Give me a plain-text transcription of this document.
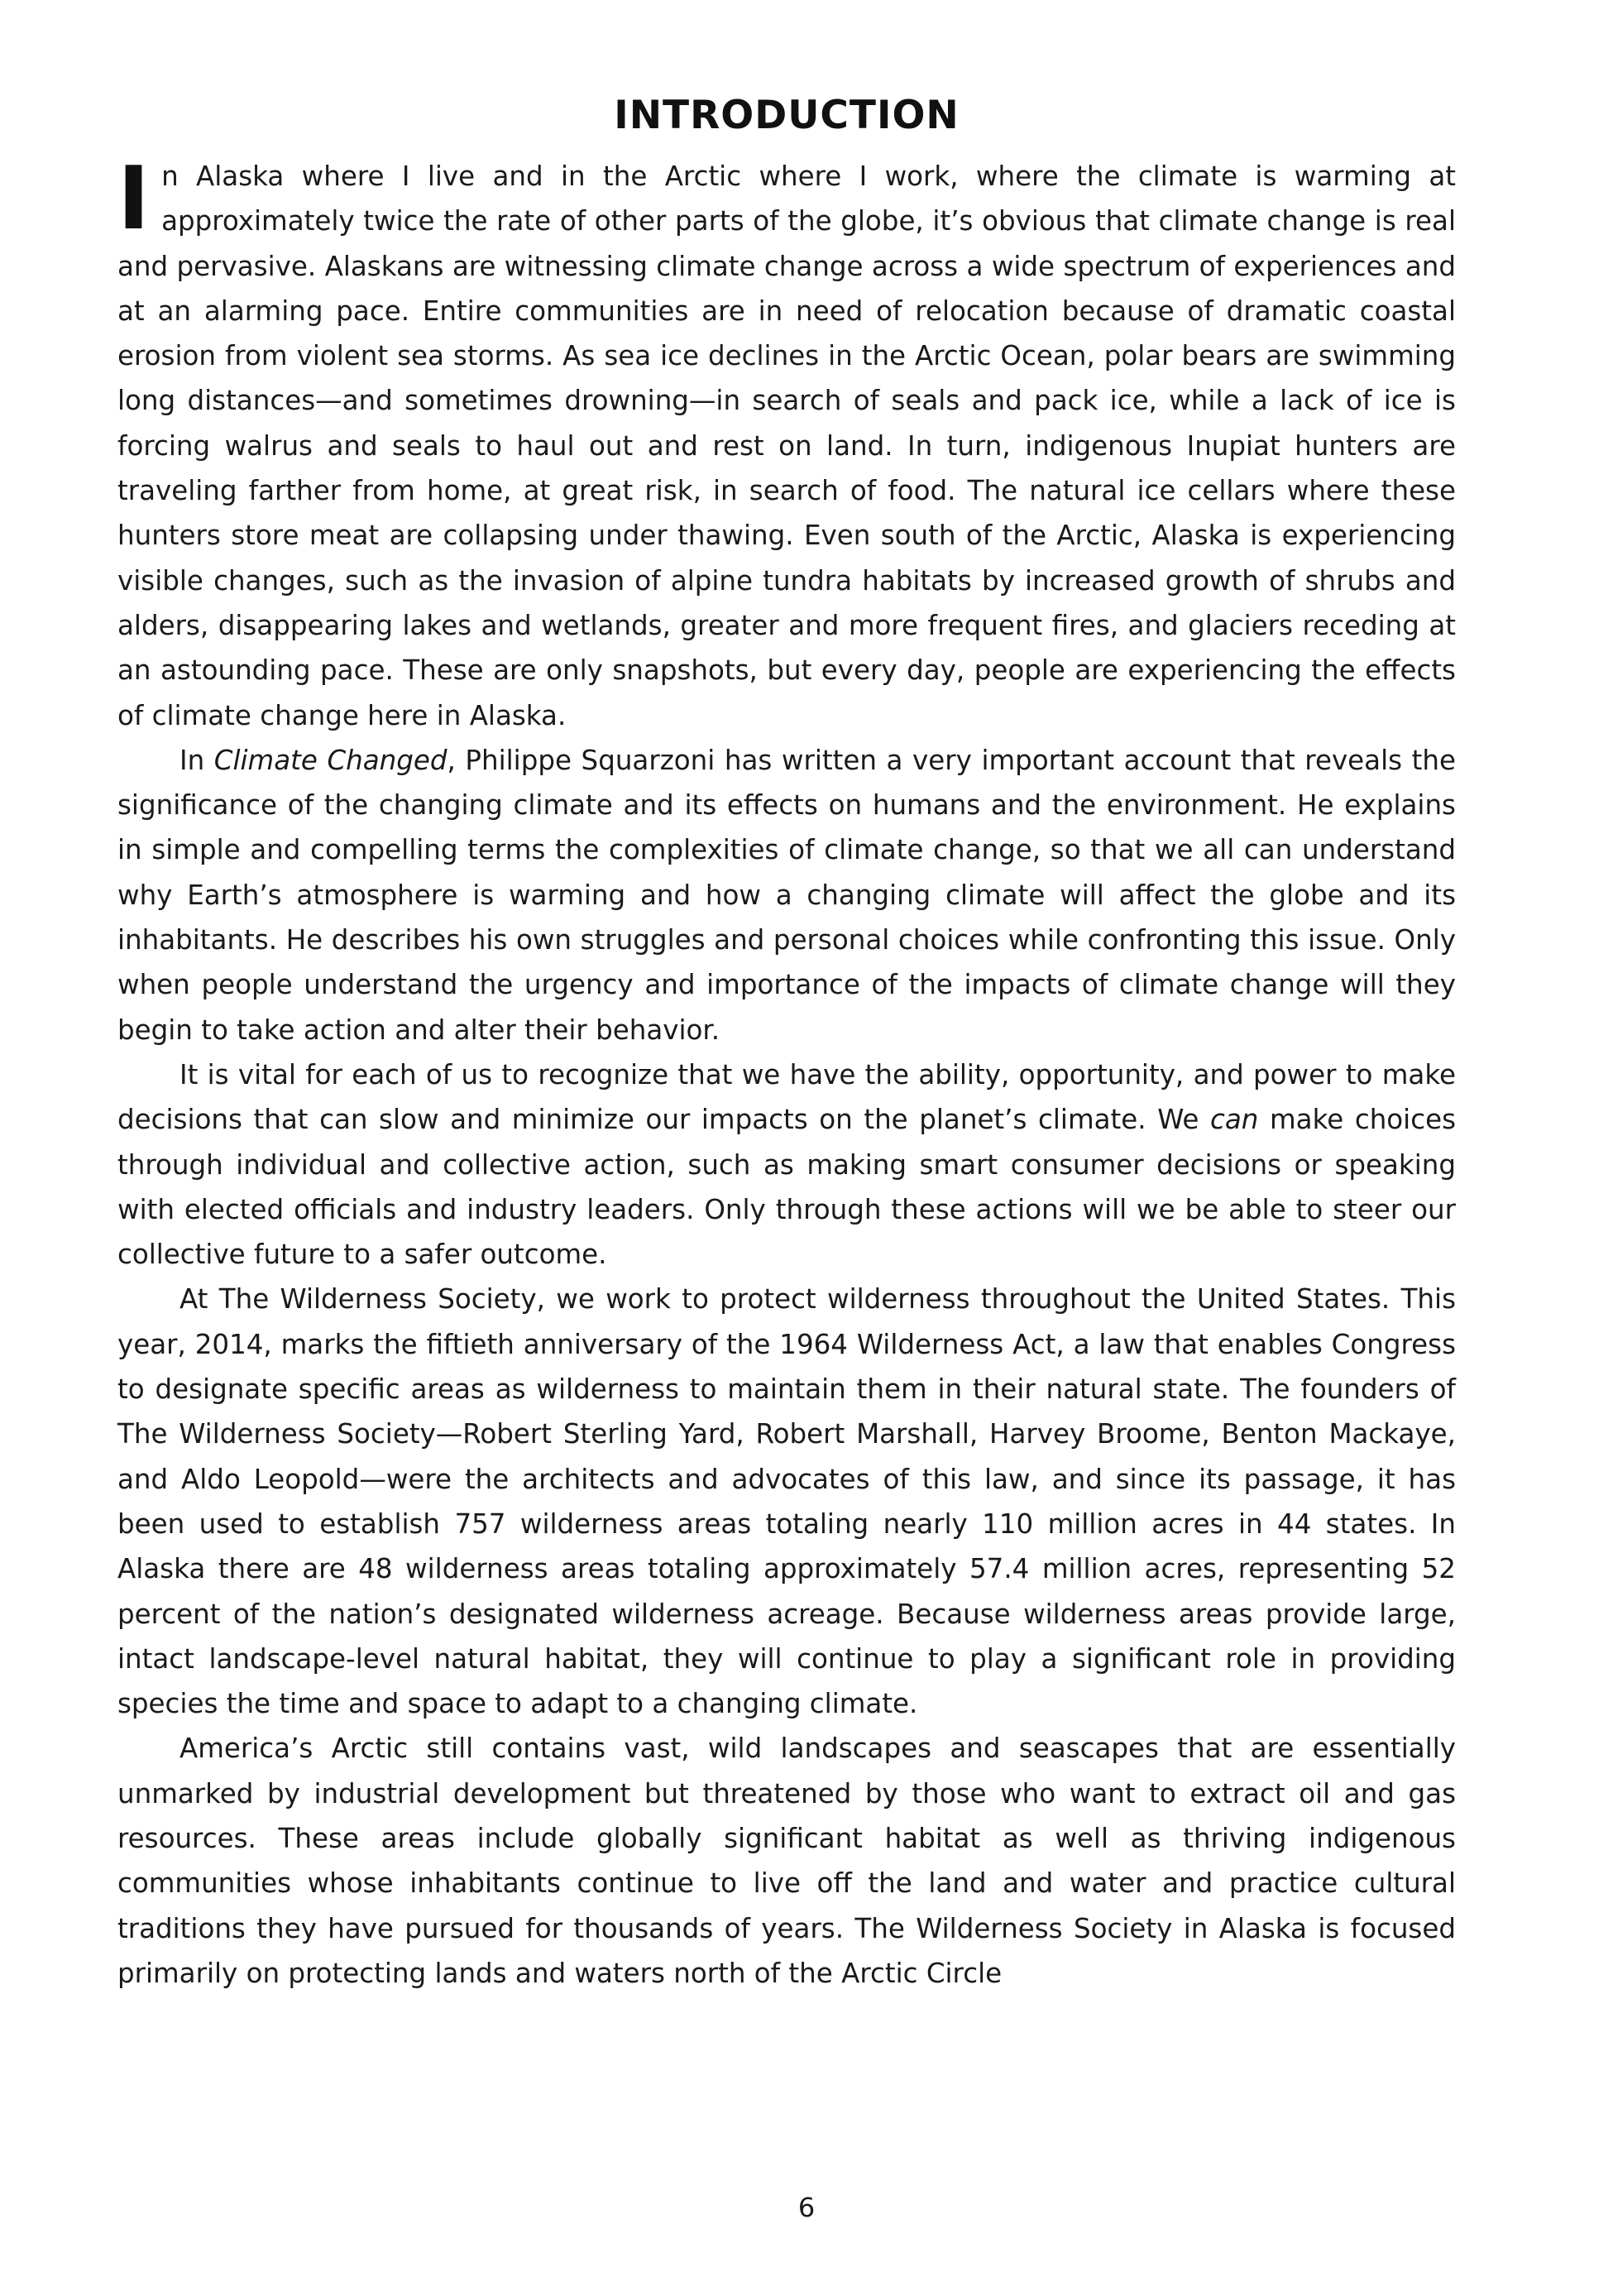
INTRODUCTION

In Alaska where I live and in the Arctic where I work, where the climate is warming at approximately twice the rate of other parts of the globe, it’s obvious that climate change is real and pervasive. Alaskans are witnessing climate change across a wide spectrum of experiences and at an alarming pace. Entire communities are in need of relocation because of dramatic coastal erosion from violent sea storms. As sea ice declines in the Arctic Ocean, polar bears are swimming long distances—and sometimes drowning—in search of seals and pack ice, while a lack of ice is forcing walrus and seals to haul out and rest on land. In turn, indigenous Inupiat hunters are traveling farther from home, at great risk, in search of food. The natural ice cellars where these hunters store meat are collapsing under thawing. Even south of the Arctic, Alaska is experiencing visible changes, such as the invasion of alpine tundra habitats by increased growth of shrubs and alders, disappearing lakes and wetlands, greater and more frequent fires, and glaciers receding at an astounding pace. These are only snapshots, but every day, people are experiencing the effects of climate change here in Alaska.

In Climate Changed, Philippe Squarzoni has written a very important account that reveals the significance of the changing climate and its effects on humans and the environment. He explains in simple and compelling terms the complexities of climate change, so that we all can understand why Earth’s atmosphere is warming and how a changing climate will affect the globe and its inhabitants. He describes his own struggles and personal choices while confronting this issue. Only when people understand the urgency and importance of the impacts of climate change will they begin to take action and alter their behavior.

It is vital for each of us to recognize that we have the ability, opportunity, and power to make decisions that can slow and minimize our impacts on the planet’s climate. We can make choices through individual and collective action, such as making smart consumer decisions or speaking with elected officials and industry leaders. Only through these actions will we be able to steer our collective future to a safer outcome.

At The Wilderness Society, we work to protect wilderness throughout the United States. This year, 2014, marks the fiftieth anniversary of the 1964 Wilderness Act, a law that enables Congress to designate specific areas as wilderness to maintain them in their natural state. The founders of The Wilderness Society—Robert Sterling Yard, Robert Marshall, Harvey Broome, Benton Mackaye, and Aldo Leopold—were the architects and advocates of this law, and since its passage, it has been used to establish 757 wilderness areas totaling nearly 110 million acres in 44 states. In Alaska there are 48 wilderness areas totaling approximately 57.4 million acres, representing 52 percent of the nation’s designated wilderness acreage. Because wilderness areas provide large, intact landscape-level natural habitat, they will continue to play a significant role in providing species the time and space to adapt to a changing climate.

America’s Arctic still contains vast, wild landscapes and seascapes that are essentially unmarked by industrial development but threatened by those who want to extract oil and gas resources. These areas include globally significant habitat as well as thriving indigenous communities whose inhabitants continue to live off the land and water and practice cultural traditions they have pursued for thousands of years. The Wilderness Society in Alaska is focused primarily on protecting lands and waters north of the Arctic Circle

6
